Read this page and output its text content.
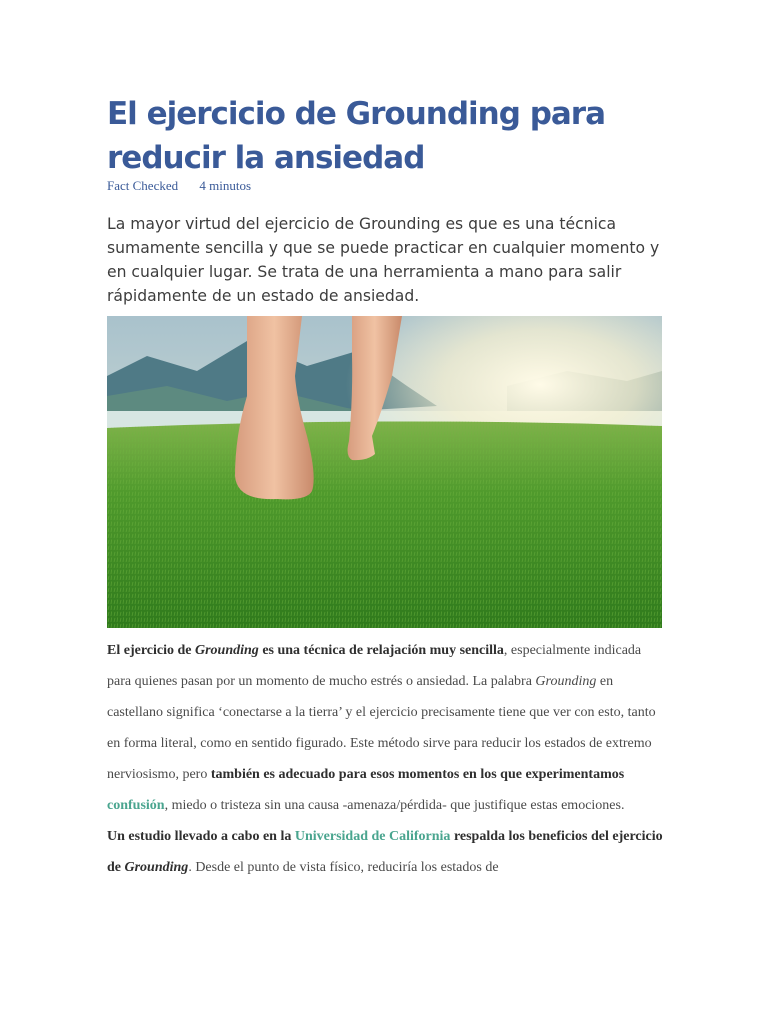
El ejercicio de Grounding para reducir la ansiedad
Fact Checked 4 minutos

La mayor virtud del ejercicio de Grounding es que es una técnica sumamente sencilla y que se puede practicar en cualquier momento y en cualquier lugar. Se trata de una herramienta a mano para salir rápidamente de un estado de ansiedad.

El ejercicio de Grounding es una técnica de relajación muy sencilla, especialmente indicada para quienes pasan por un momento de mucho estrés o ansiedad. La palabra Grounding en castellano significa ‘conectarse a la tierra’ y el ejercicio precisamente tiene que ver con esto, tanto en forma literal, como en sentido figurado. Este método sirve para reducir los estados de extremo nerviosismo, pero también es adecuado para esos momentos en los que experimentamos confusión, miedo o tristeza sin una causa -amenaza/pérdida- que justifique estas emociones.
Un estudio llevado a cabo en la Universidad de California respalda los beneficios del ejercicio de Grounding. Desde el punto de vista físico, reduciría los estados de
